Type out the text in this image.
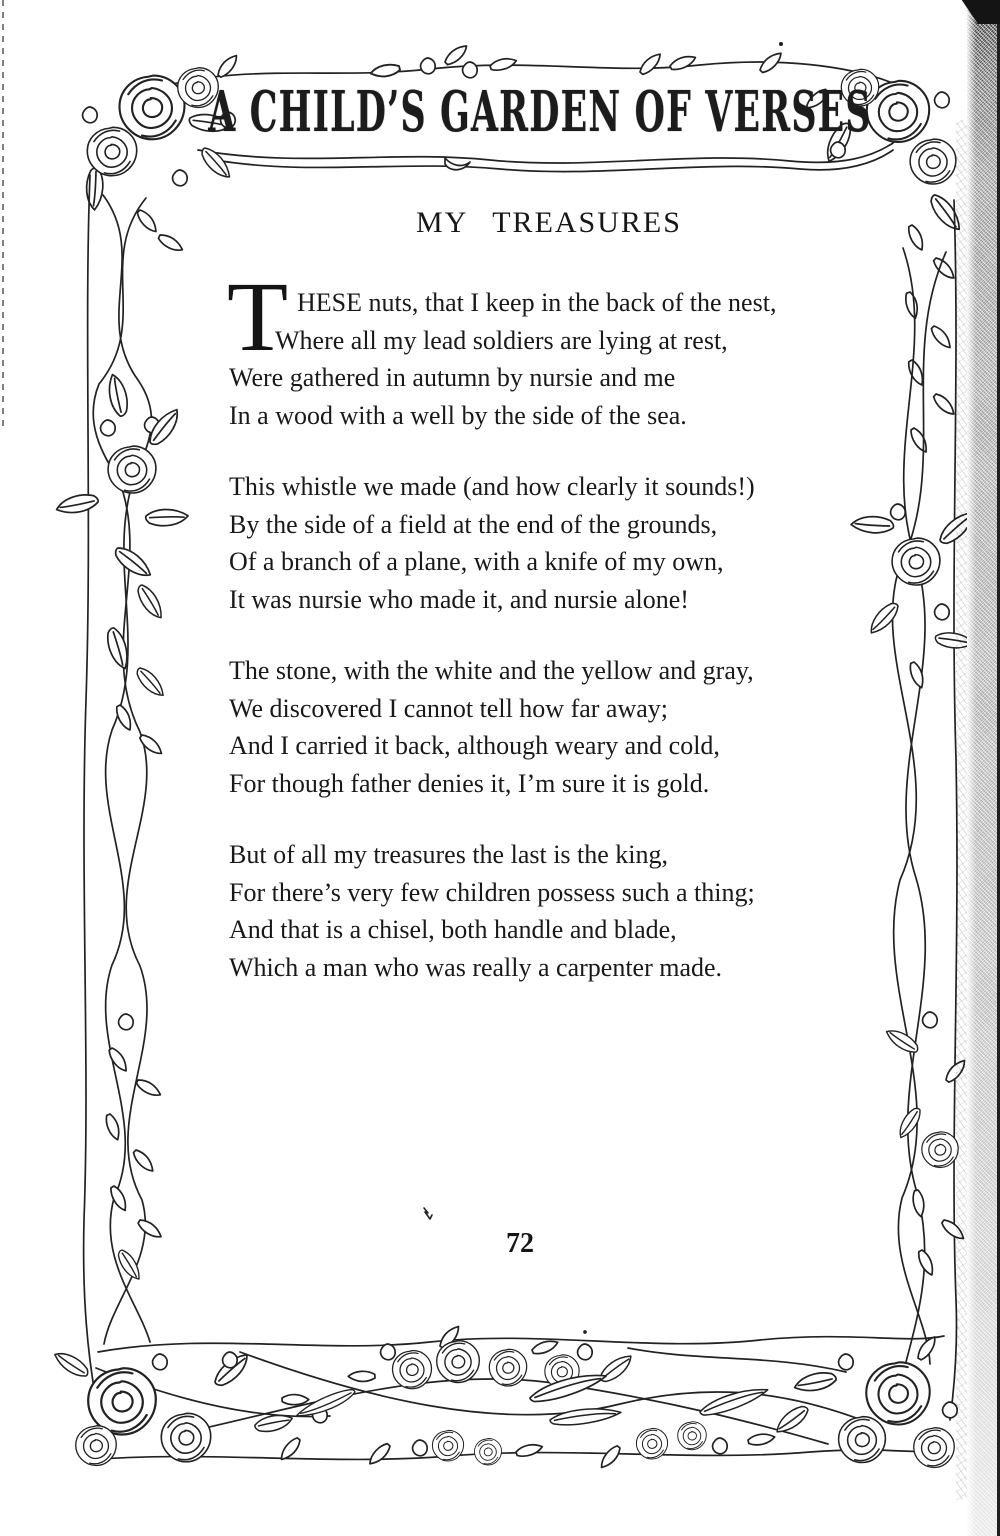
A CHILD’S GARDEN OF VERSES
MY TREASURES
T HESE nuts, that I keep in the back of the nest,
Where all my lead soldiers are lying at rest,
Were gathered in autumn by nursie and me
In a wood with a well by the side of the sea.
This whistle we made (and how clearly it sounds!)
By the side of a field at the end of the grounds,
Of a branch of a plane, with a knife of my own,
It was nursie who made it, and nursie alone!
The stone, with the white and the yellow and gray,
We discovered I cannot tell how far away;
And I carried it back, although weary and cold,
For though father denies it, I’m sure it is gold.
But of all my treasures the last is the king,
For there’s very few children possess such a thing;
And that is a chisel, both handle and blade,
Which a man who was really a carpenter made.
72
